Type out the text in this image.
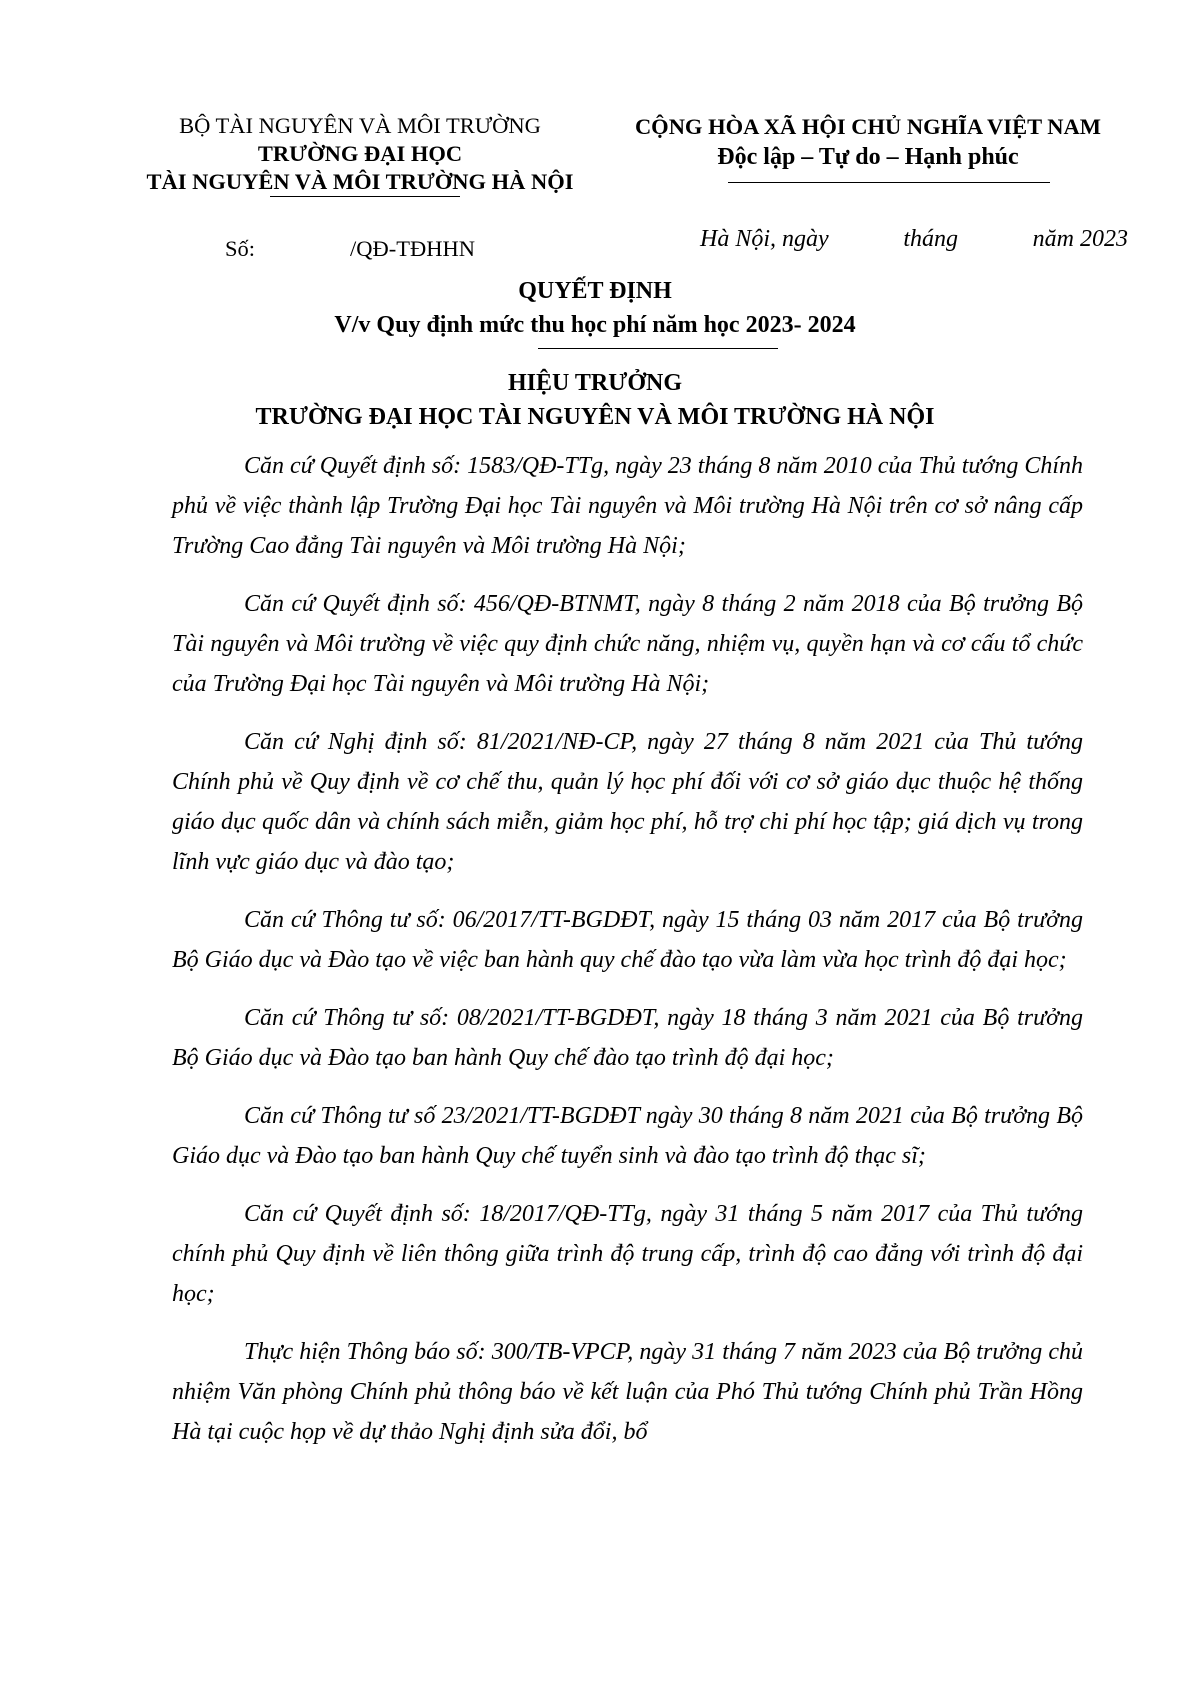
BỘ TÀI NGUYÊN VÀ MÔI TRƯỜNG
TRƯỜNG ĐẠI HỌC
TÀI NGUYÊN VÀ MÔI TRƯỜNG HÀ NỘI
CỘNG HÒA XÃ HỘI CHỦ NGHĨA VIỆT NAM
Độc lập – Tự do – Hạnh phúc
Số:	/QĐ-TĐHHN	Hà Nội, ngày	tháng	năm 2023
QUYẾT ĐỊNH
V/v Quy định mức thu học phí năm học 2023- 2024
HIỆU TRƯỞNG
TRƯỜNG ĐẠI HỌC TÀI NGUYÊN VÀ MÔI TRƯỜNG HÀ NỘI

Căn cứ Quyết định số: 1583/QĐ-TTg, ngày 23 tháng 8 năm 2010 của Thủ tướng Chính phủ về việc thành lập Trường Đại học Tài nguyên và Môi trường Hà Nội trên cơ sở nâng cấp Trường Cao đẳng Tài nguyên và Môi trường Hà Nội;

Căn cứ Quyết định số: 456/QĐ-BTNMT, ngày 8 tháng 2 năm 2018 của Bộ trưởng Bộ Tài nguyên và Môi trường về việc quy định chức năng, nhiệm vụ, quyền hạn và cơ cấu tổ chức của Trường Đại học Tài nguyên và Môi trường Hà Nội;

Căn cứ Nghị định số: 81/2021/NĐ-CP, ngày 27 tháng 8 năm 2021 của Thủ tướng Chính phủ về Quy định về cơ chế thu, quản lý học phí đối với cơ sở giáo dục thuộc hệ thống giáo dục quốc dân và chính sách miễn, giảm học phí, hỗ trợ chi phí học tập; giá dịch vụ trong lĩnh vực giáo dục và đào tạo;

Căn cứ Thông tư số: 06/2017/TT-BGDĐT, ngày 15 tháng 03 năm 2017 của Bộ trưởng Bộ Giáo dục và Đào tạo về việc ban hành quy chế đào tạo vừa làm vừa học trình độ đại học;

Căn cứ Thông tư số: 08/2021/TT-BGDĐT, ngày 18 tháng 3 năm 2021 của Bộ trưởng Bộ Giáo dục và Đào tạo ban hành Quy chế đào tạo trình độ đại học;

Căn cứ Thông tư số 23/2021/TT-BGDĐT ngày 30 tháng 8 năm 2021 của Bộ trưởng Bộ Giáo dục và Đào tạo ban hành Quy chế tuyển sinh và đào tạo trình độ thạc sĩ;

Căn cứ Quyết định số: 18/2017/QĐ-TTg, ngày 31 tháng 5 năm 2017 của Thủ tướng chính phủ Quy định về liên thông giữa trình độ trung cấp, trình độ cao đẳng với trình độ đại học;

Thực hiện Thông báo số: 300/TB-VPCP, ngày 31 tháng 7 năm 2023 của Bộ trưởng chủ nhiệm Văn phòng Chính phủ thông báo về kết luận của Phó Thủ tướng Chính phủ Trần Hồng Hà tại cuộc họp về dự thảo Nghị định sửa đổi, bổ
